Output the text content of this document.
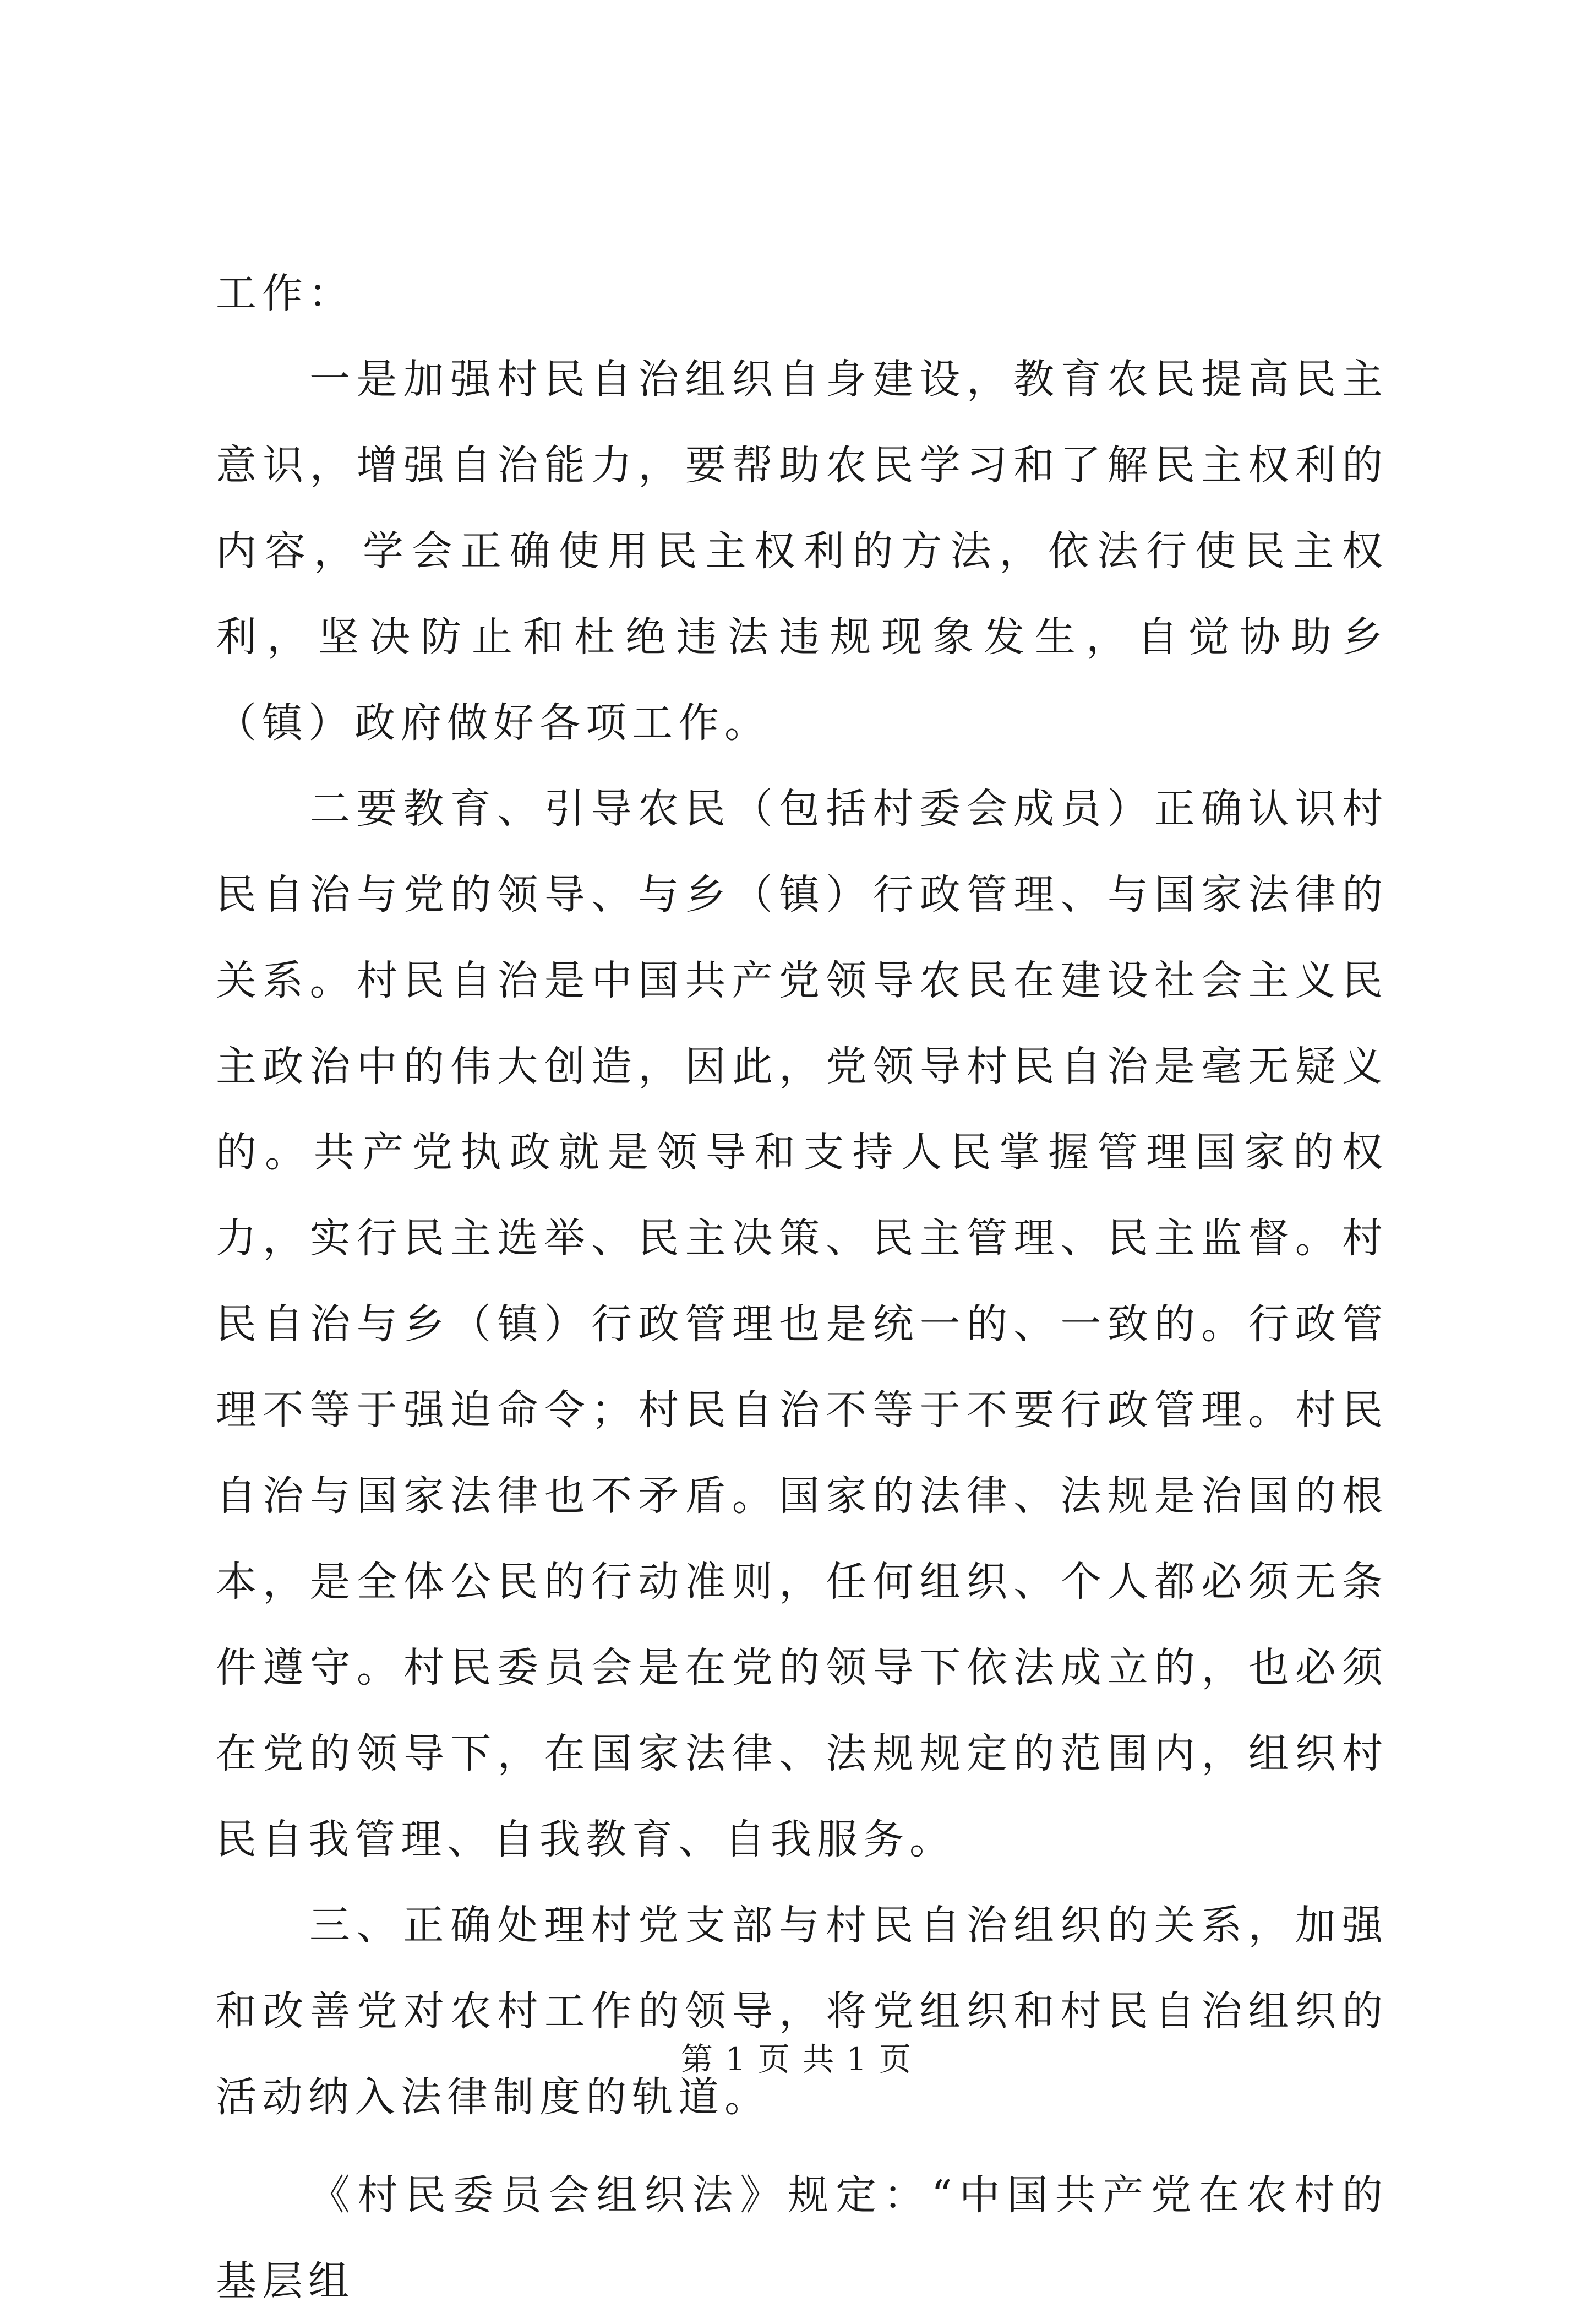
工作：

一是加强村民自治组织自身建设，教育农民提高民主意识，增强自治能力，要帮助农民学习和了解民主权利的内容，学会正确使用民主权利的方法，依法行使民主权利，坚决防止和杜绝违法违规现象发生，自觉协助乡（镇）政府做好各项工作。

二要教育、引导农民（包括村委会成员）正确认识村民自治与党的领导、与乡（镇）行政管理、与国家法律的关系。村民自治是中国共产党领导农民在建设社会主义民主政治中的伟大创造，因此，党领导村民自治是毫无疑义的。共产党执政就是领导和支持人民掌握管理国家的权力，实行民主选举、民主决策、民主管理、民主监督。村民自治与乡（镇）行政管理也是统一的、一致的。行政管理不等于强迫命令；村民自治不等于不要行政管理。村民自治与国家法律也不矛盾。国家的法律、法规是治国的根本，是全体公民的行动准则，任何组织、个人都必须无条件遵守。村民委员会是在党的领导下依法成立的，也必须在党的领导下，在国家法律、法规规定的范围内，组织村民自我管理、自我教育、自我服务。

三、正确处理村党支部与村民自治组织的关系，加强和改善党对农村工作的领导，将党组织和村民自治组织的活动纳入法律制度的轨道。

《村民委员会组织法》规定：“中国共产党在农村的基层组

第 1 页 共 1 页
